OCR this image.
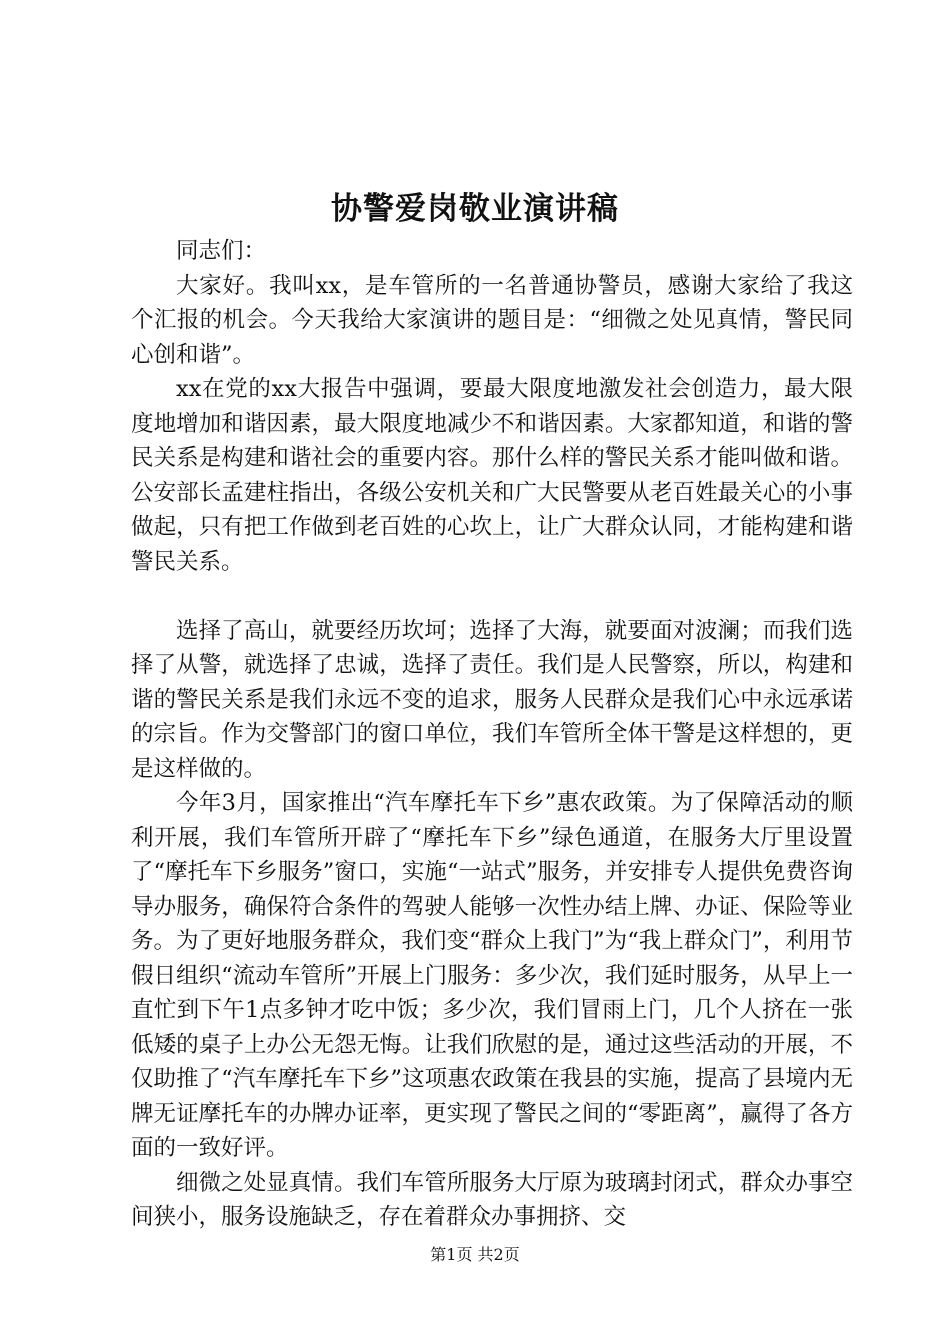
协警爱岗敬业演讲稿

同志们：

大家好。我叫xx，是车管所的一名普通协警员，感谢大家给了我这个汇报的机会。今天我给大家演讲的题目是：“细微之处见真情，警民同心创和谐”。

xx在党的xx大报告中强调，要最大限度地激发社会创造力，最大限度地增加和谐因素，最大限度地减少不和谐因素。大家都知道，和谐的警民关系是构建和谐社会的重要内容。那什么样的警民关系才能叫做和谐。公安部长孟建柱指出，各级公安机关和广大民警要从老百姓最关心的小事做起，只有把工作做到老百姓的心坎上，让广大群众认同，才能构建和谐警民关系。

选择了高山，就要经历坎坷；选择了大海，就要面对波澜；而我们选择了从警，就选择了忠诚，选择了责任。我们是人民警察，所以，构建和谐的警民关系是我们永远不变的追求，服务人民群众是我们心中永远承诺的宗旨。作为交警部门的窗口单位，我们车管所全体干警是这样想的，更是这样做的。

今年3月，国家推出“汽车摩托车下乡”惠农政策。为了保障活动的顺利开展，我们车管所开辟了“摩托车下乡”绿色通道，在服务大厅里设置了“摩托车下乡服务”窗口，实施“一站式”服务，并安排专人提供免费咨询导办服务，确保符合条件的驾驶人能够一次性办结上牌、办证、保险等业务。为了更好地服务群众，我们变“群众上我门”为“我上群众门”，利用节假日组织“流动车管所”开展上门服务：多少次，我们延时服务，从早上一直忙到下午1点多钟才吃中饭；多少次，我们冒雨上门，几个人挤在一张低矮的桌子上办公无怨无悔。让我们欣慰的是，通过这些活动的开展，不仅助推了“汽车摩托车下乡”这项惠农政策在我县的实施，提高了县境内无牌无证摩托车的办牌办证率，更实现了警民之间的“零距离”，赢得了各方面的一致好评。

细微之处显真情。我们车管所服务大厅原为玻璃封闭式，群众办事空间狭小，服务设施缺乏，存在着群众办事拥挤、交

第1页 共2页
